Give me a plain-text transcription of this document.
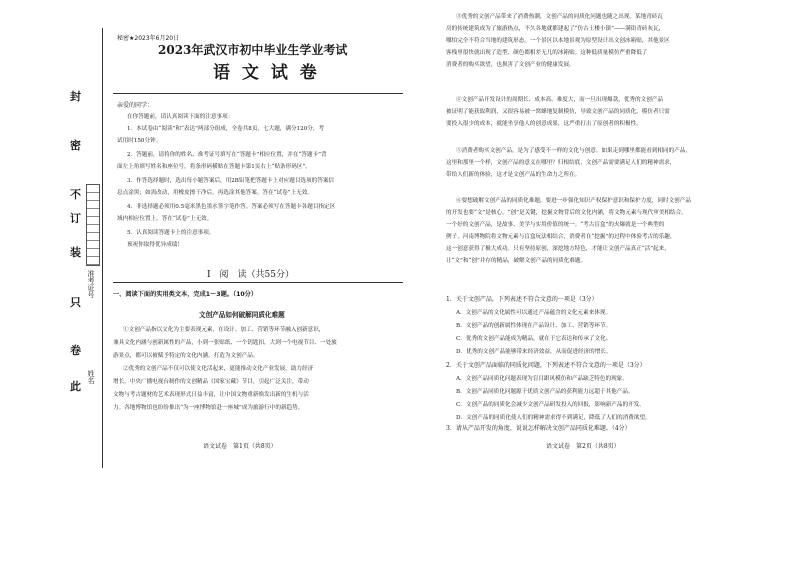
封
密
不
订
装
只
卷
此
准考证号
姓名
秘密★2023年6月20日
2023年武汉市初中毕业生学业考试
语 文 试 卷
亲爱的同学：
在你答题前，请认真阅读下面的注意事项：
1．本试卷由“阅读”和“表达”两部分组成，全卷共8页，七大题，满分120分，考
试用时150分钟。
2．答题前，请将你的姓名、准考证号填写在“答题卡”相应位置，并在“答题卡”背
面左上角填写姓名和座位号，将条形码横贴在答题卡第1页右上“贴条形码区”。
3．作答选择题时，选出每小题答案后，用2B铅笔把答题卡上对应题目选项的答案信
息点涂黑；如需改动，用橡皮擦干净后，再选涂其他答案。答在“试卷”上无效。
4．非选择题必须用0.5毫米黑色墨水签字笔作答。答案必须写在答题卡各题目指定区
域内相应位置上。答在“试卷”上无效。
5．认真阅读答题卡上的注意事项。
预祝你取得优异成绩！
Ⅰ　阅　读（共55分）
一、阅读下面的实用类文本，完成1～3题。（10分）
文创产品如何破解同质化难题
①文创产品指以文化为主要表现元素，在设计、加工、营销等环节融入创新意识，
兼具文化内涵与创新属性的产品，小到一张贴纸、一个钥匙扣，大到一个电视节目、一处旅
游景点，都可以被赋予特定的文化内涵，打造为文创产品。
②优秀的文创产品不仅可以使文化活起来，更能推动文化产业发展，助力经济
增长。中央广播电视台制作的文创精品《国家宝藏》节目，引起广泛关注，带动
文物与考古题材的艺术表现形式日益丰富，让中国文物重新焕发出新的生机与活
力。各地博物馆也纷纷推出“为一座博物馆赴一座城”成为旅游行中的新趋势。
语文试卷　第1页（共8页）
③优秀的文创产品带来了消费热潮，文创产品的同质化问题也随之出现。某地青砖瓦
房的传统建筑成为了旅游热点，不久各地就都建起了“仿古土楼小镇”——满街青砖灰瓦，
哪怕完全不符合当地的建筑形态。一个景区以本地景观为原型设计出文创冰箱贴，其他景区
客栈里很快就出现了造型、颜色都相差无几的冰箱贴。这种低质量模仿严重降低了
消费者的购买欲望，也损害了文创产业的健康发展。
④文创产品开发设计的周期长、成本高、难度大，而一旦出现爆款，优秀的文创产品
被证明了能获取利润，又很容易被一窝蜂地复制模仿，导致文创产品的同质化。模仿者只需
要投入很少的成本，就能坐享他人的创意成果，这严重打击了原创者的积极性。
⑤消费者购买文创产品，是为了感受不一样的文化与创意。如果走到哪里都能看到相同的产品，
这里和那里一个样，文创产品的意义在哪里？归根结底，文创产品需要满足人们的精神需求，
带给人们新的体验，这才是文创产品的生命力之所在。
⑥要想破解文创产品的同质化难题，要进一步强化知识产权保护意识和保护力度，同时文创产品
的开发也要“文”是核心，“创”是关键，挖掘文物背后的文化内涵，将文物元素与现代审美相结合。
一个好的文创产品，是故事、美学与实用价值的统一。“考古盲盒”的火爆就是一个典型的
例子，河南博物院将文物元素与盲盒玩法相结合，消费者在“挖掘”的过程中体验考古的乐趣，
这一创意获得了极大成功。只有坚持原创，深挖地方特色，才能让文创产品真正“活”起来，
让“文”和“创”并存的精品，破解文创产品的同质化难题。
1．关于文创产品，下列表述不符合文意的一项是（3分）
A．文创产品的文化属性可以通过产品蕴含的文化元素来体现。
B．文创产品的创新属性体现在产品设计、加工、营销等环节。
C．优秀的文创产品能成为精品，就在于它表达和传承了文化。
D．优秀的文创产品能够带来经济效益，从而促进经济的增长。
2．关于文创产品面临的同质化问题，下列表述不符合文意的一项是（3分）
A．文创产品同质化问题表现为盲目跟风模仿和产品缺乏特色的现象。
B．文创产品同质化问题源于优质文创产品的获利能力远超于其他产品。
C．文创产品的同质化会减少文创产品研发投入的回报，影响新产品的开发。
D．文创产品的同质化使人们的精神需求得不到满足，降低了人们的消费欲望。
3．请从产品开发的角度，说说怎样解决文创产品同质化难题。（4分）
语文试卷　第2页（共8页）
